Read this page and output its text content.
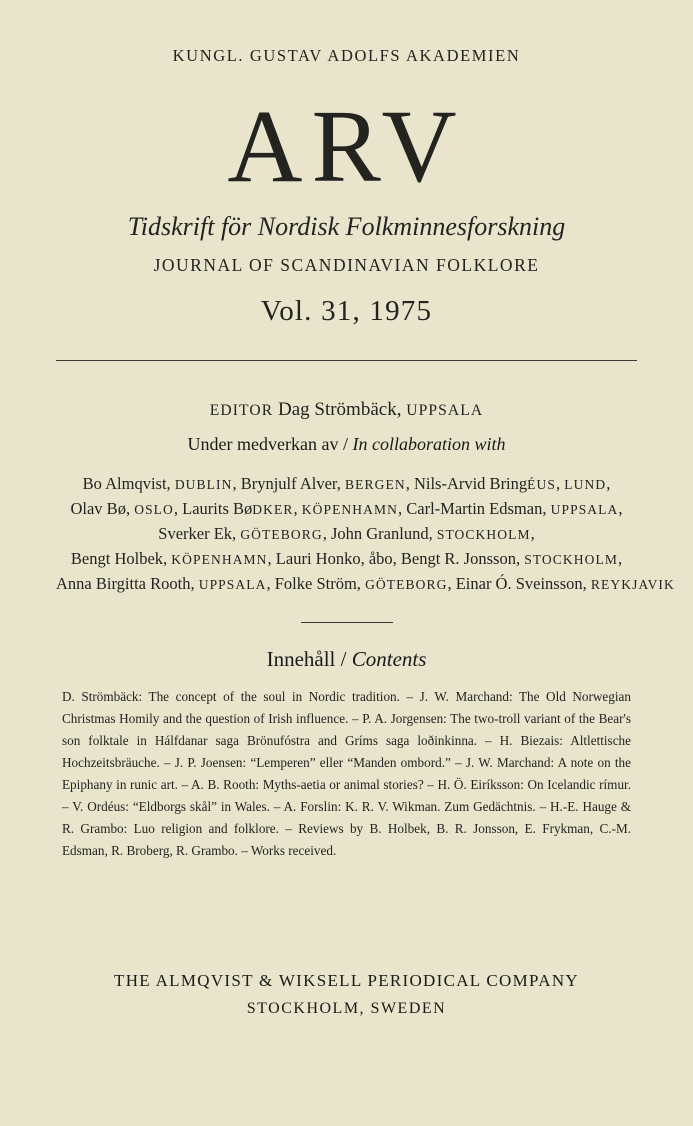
KUNGL. GUSTAV ADOLFS AKADEMIEN
ARV
Tidskrift för Nordisk Folkminnesforskning
JOURNAL OF SCANDINAVIAN FOLKLORE
Vol. 31, 1975
EDITOR Dag Strömbäck, UPPSALA
Under medverkan av / In collaboration with
Bo Almqvist, DUBLIN, Brynjulf Alver, BERGEN, Nils-Arvid BringÉUS, LUND,
Olav Bø, OSLO, Laurits BøDKER, KÖPENHAMN, Carl-Martin Edsman, UPPSALA,
Sverker Ek, GÖTEBORG, John Granlund, STOCKHOLM,
Bengt Holbek, KÖPENHAMN, Lauri Honko, åbo, Bengt R. Jonsson, STOCKHOLM,
Anna Birgitta Rooth, UPPSALA, Folke Ström, GÖTEBORG, Einar Ó. Sveinsson, REYKJAVIK
Innehåll / Contents
D. Strömbäck: The concept of the soul in Nordic tradition. – J. W. Marchand: The Old Norwegian Christmas Homily and the question of Irish influence. – P. A. Jorgensen: The two-troll variant of the Bear's son folktale in Hálfdanar saga Brönufóstra and Gríms saga loðinkinna. – H. Biezais: Altlettische Hochzeitsbräuche. – J. P. Joensen: “Lemperen” eller “Manden ombord.” – J. W. Marchand: A note on the Epiphany in runic art. – A. B. Rooth: Myths-aetia or animal stories? – H. Ö. Eiríksson: On Icelandic rímur. – V. Ordéus: “Eldborgs skål” in Wales. – A. Forslin: K. R. V. Wikman. Zum Gedächtnis. – H.-E. Hauge & R. Grambo: Luo religion and folklore. – Reviews by B. Holbek, B. R. Jonsson, E. Frykman, C.-M. Edsman, R. Broberg, R. Grambo. – Works received.
THE ALMQVIST & WIKSELL PERIODICAL COMPANY
STOCKHOLM, SWEDEN
